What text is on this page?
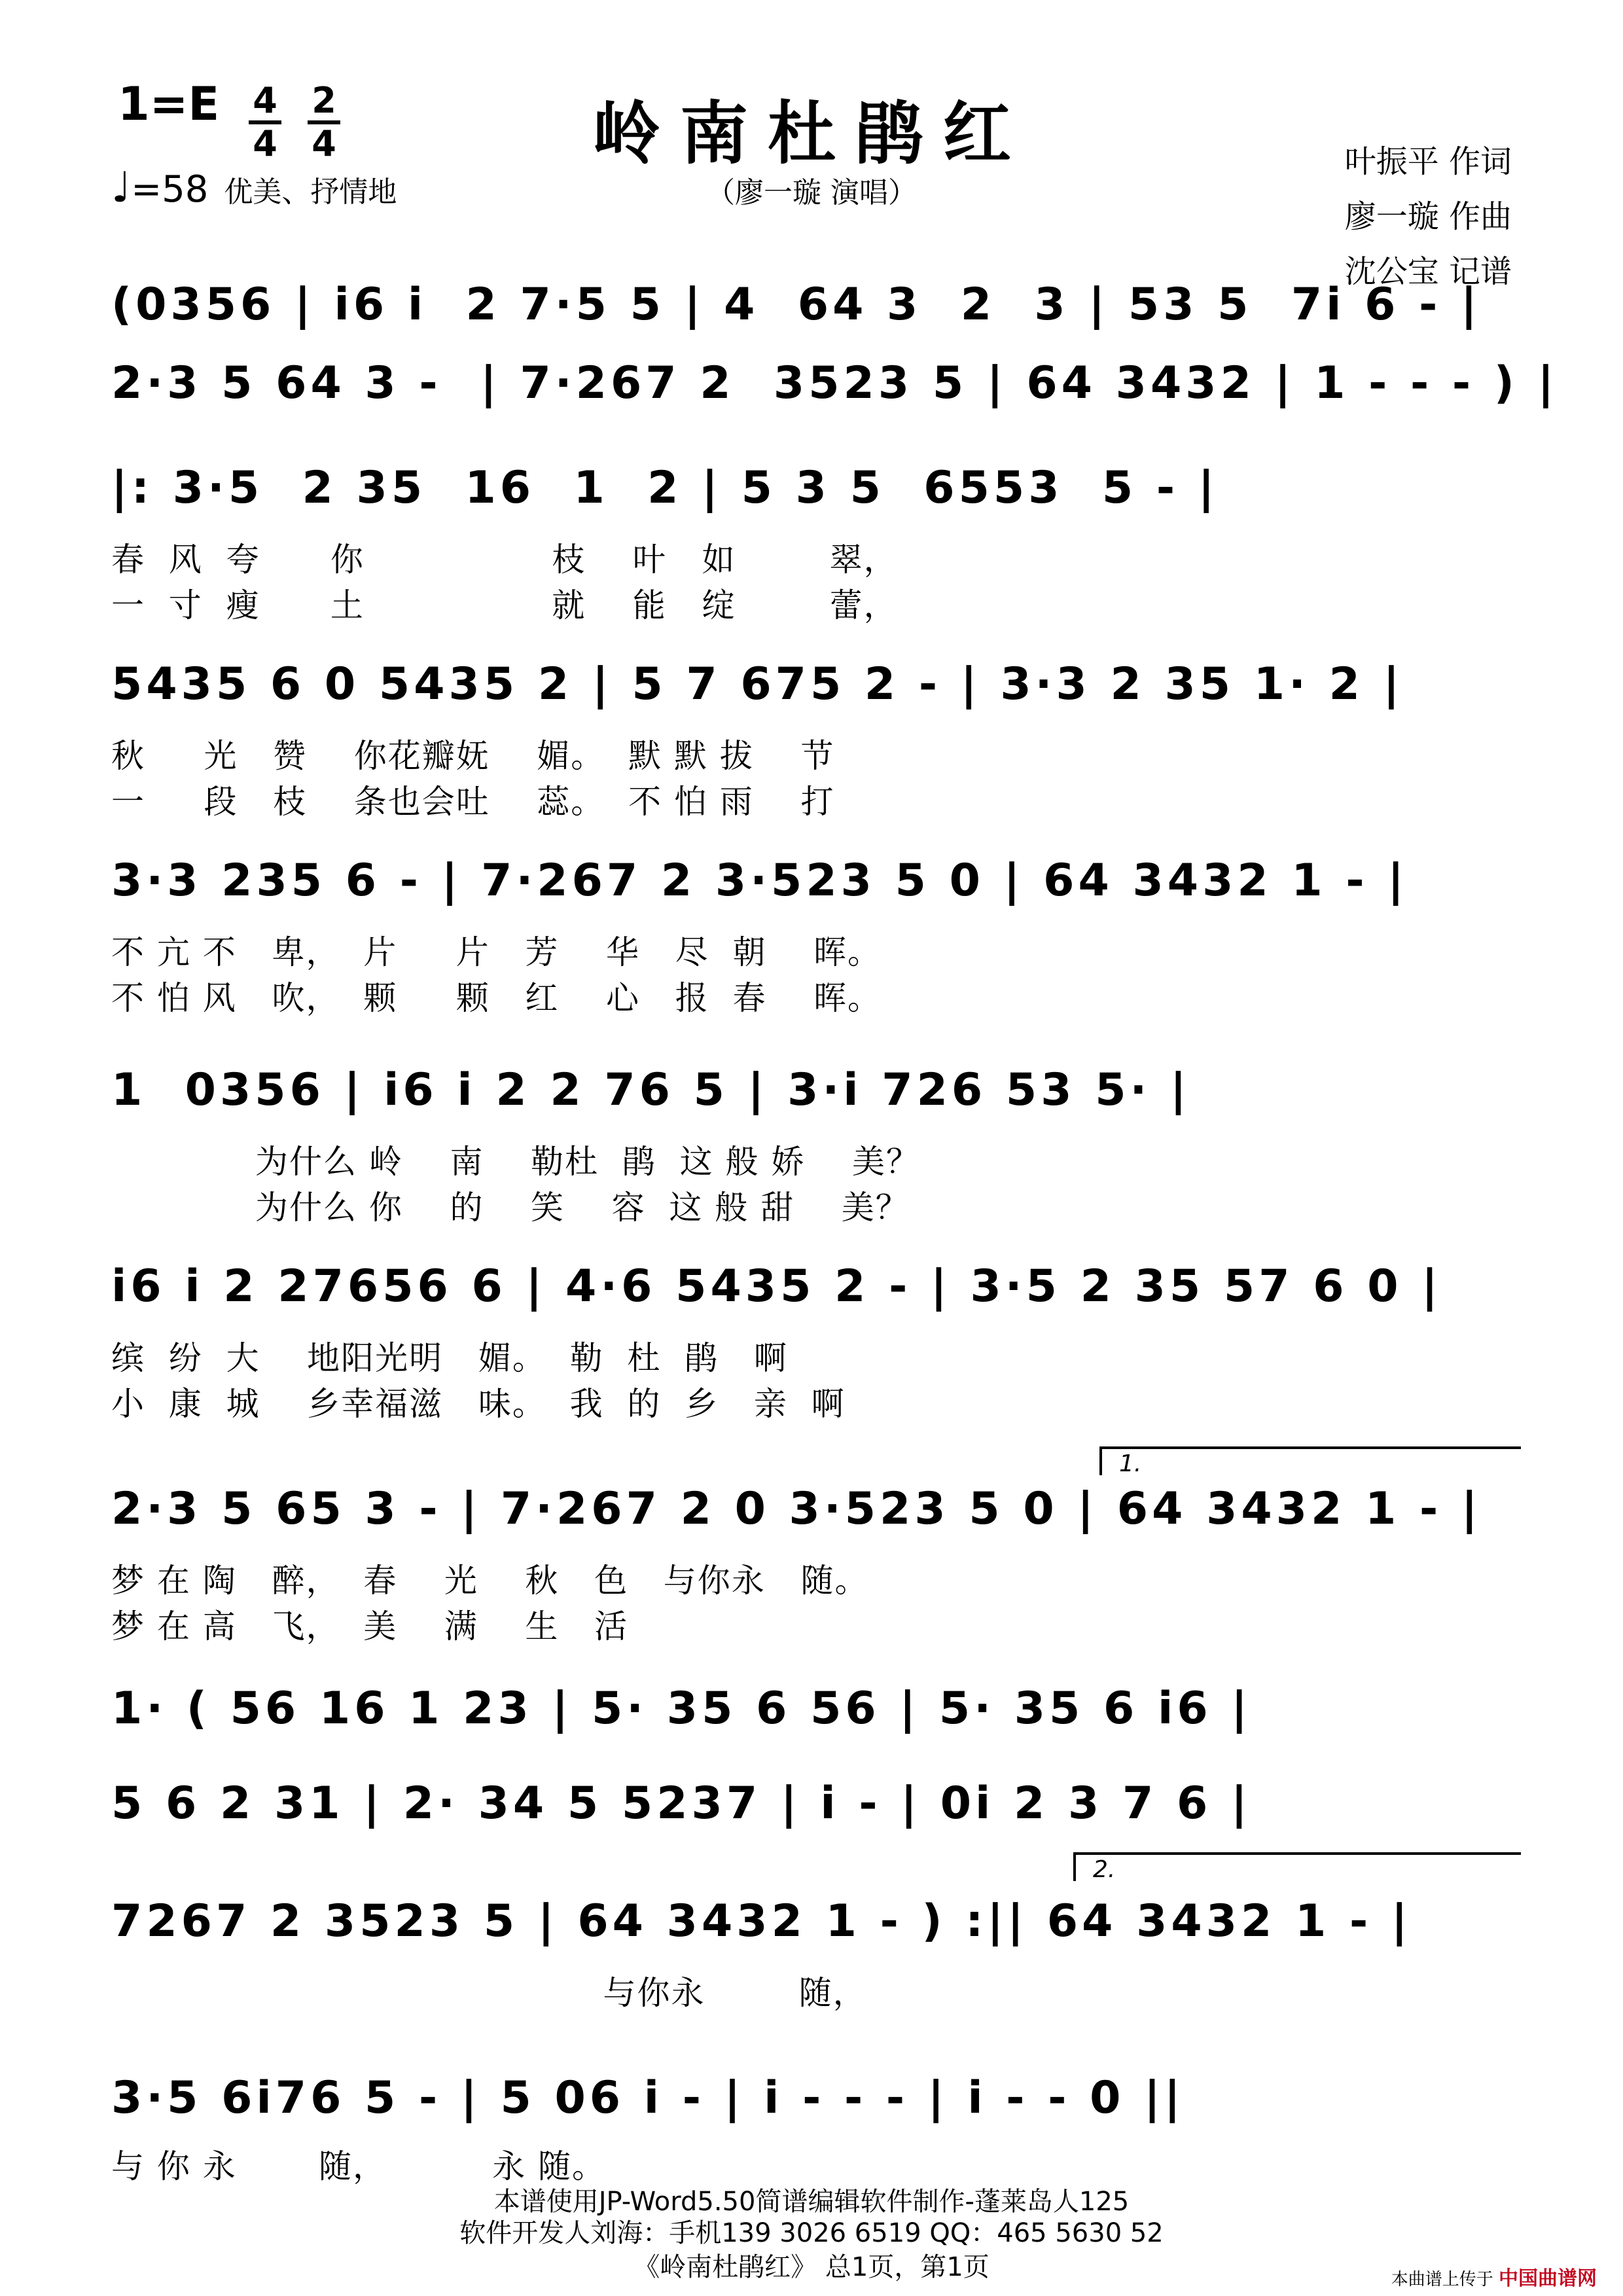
1=E 4
4
2
4
♩=58 优美、抒情地
岭南杜鹃红
（廖一璇 演唱）
叶振平 作词
廖一璇 作曲
沈公宝 记谱
(0356 | i6 i  2 7·5 5 | 4  64 3  2  3 | 53 5  7i 6 - |
2·3 5 64 3 -  | 7·267 2  3523 5 | 64 3432 | 1 - - - ) |
|: 3·5  2 35  16  1  2 | 5 3 5  6553  5 - |
春  风  夸      你                枝    叶   如        翠，
一  寸  瘦      土                就    能   绽        蕾，
5435 6 0 5435 2 | 5 7 675 2 - | 3·3 2 35 1· 2 |
秋     光   赞    你花瓣妩    媚。  默 默 拔    节
一     段   枝    条也会吐    蕊。  不 怕 雨    打
3·3 235 6 - | 7·267 2 3·523 5 0 | 64 3432 1 - |
不 亢 不   卑，  片     片   芳    华   尽  朝    晖。
不 怕 风   吹，  颗     颗   红    心   报  春    晖。
1  0356 | i6 i 2 2 76 5 | 3·i 726 53 5· |
为什么 岭    南    勒杜  鹃  这 般 娇    美？
为什么 你    的    笑    容  这 般 甜    美？
i6 i 2 27656 6 | 4·6 5435 2 - | 3·5 2 35 57 6 0 |
缤  纷  大    地阳光明   媚。  勒  杜  鹃   啊
小  康  城    乡幸福滋   味。  我  的  乡   亲  啊
1.
2·3 5 65 3 - | 7·267 2 0 3·523 5 0 | 64 3432 1 - |
梦 在 陶   醉，  春    光    秋   色   与你永   随。
梦 在 高   飞，  美    满    生   活
1· ( 56 16 1 23 | 5· 35 6 56 | 5· 35 6 i6 |
5 6 2 31 | 2· 34 5 5237 | i - | 0i 2 3 7 6 |
2.
7267 2 3523 5 | 64 3432 1 - ) :|| 64 3432 1 - |
与你永        随，
3·5 6i76 5 - | 5 06 i - | i - - - | i - - 0 ||
与 你 永       随，         永 随。
本谱使用JP-Word5.50简谱编辑软件制作-蓬莱岛人125
软件开发人刘海：手机139 3026 6519 QQ：465 5630 52
《岭南杜鹃红》 总1页，第1页	本曲谱上传于 中国曲谱网
